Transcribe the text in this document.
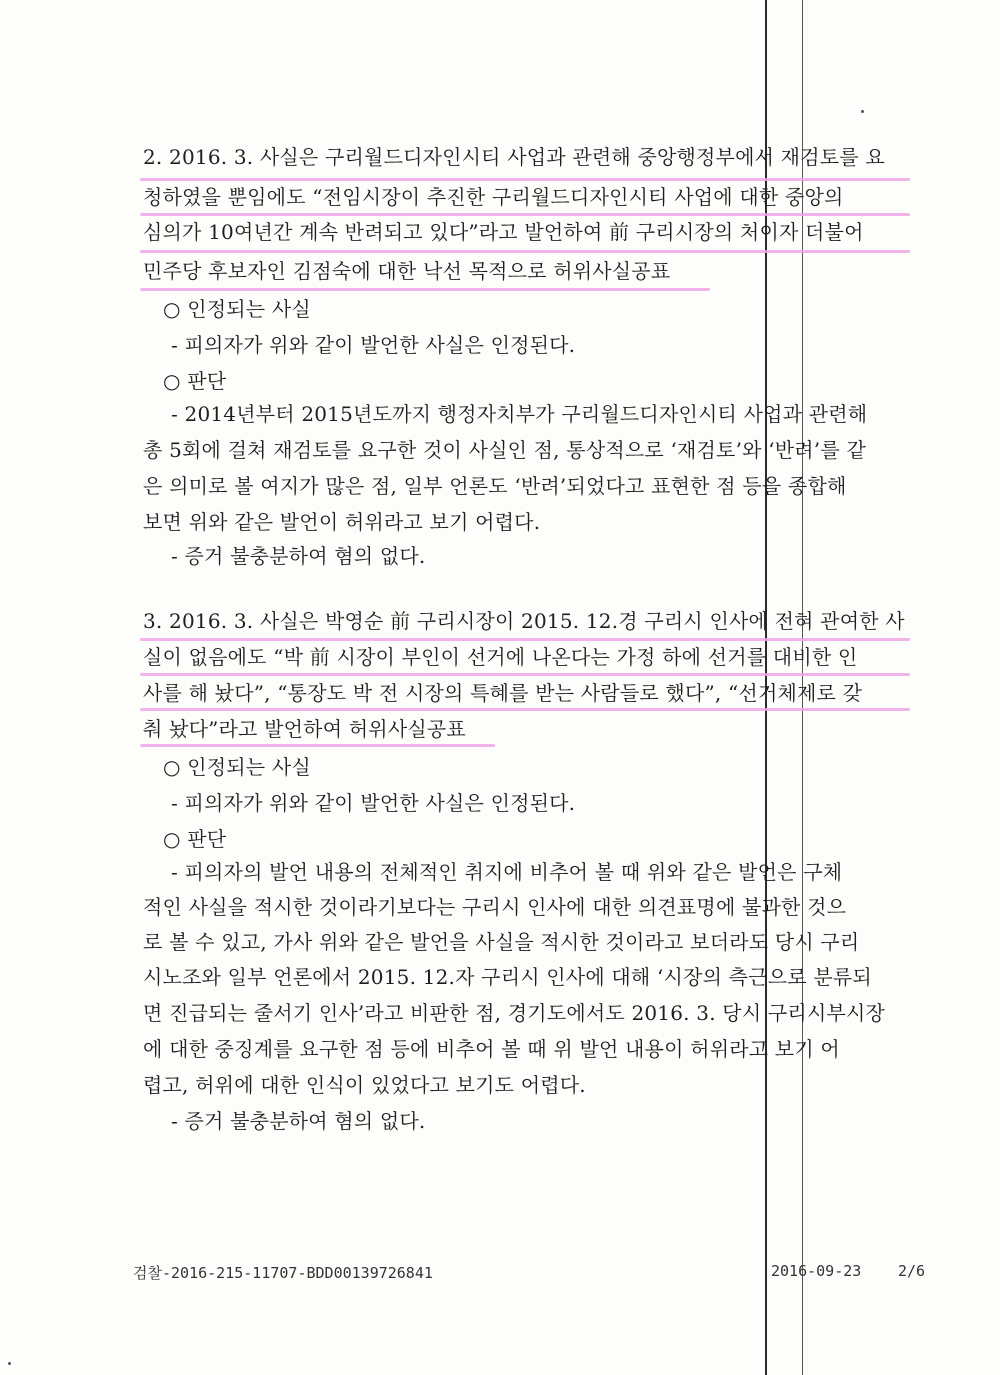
2. 2016. 3. 사실은 구리월드디자인시티 사업과 관련해 중앙행정부에서 재검토를 요
청하였을 뿐임에도 “전임시장이 추진한 구리월드디자인시티 사업에 대한 중앙의
심의가 10여년간 계속 반려되고 있다”라고 발언하여 前 구리시장의 처이자 더불어
민주당 후보자인 김점숙에 대한 낙선 목적으로 허위사실공표
○ 인정되는 사실
- 피의자가 위와 같이 발언한 사실은 인정된다.
○ 판단
- 2014년부터 2015년도까지 행정자치부가 구리월드디자인시티 사업과 관련해
총 5회에 걸쳐 재검토를 요구한 것이 사실인 점, 통상적으로 ‘재검토’와 ‘반려’를 같
은 의미로 볼 여지가 많은 점, 일부 언론도 ‘반려’되었다고 표현한 점 등을 종합해
보면 위와 같은 발언이 허위라고 보기 어렵다.
- 증거 불충분하여 혐의 없다.
3. 2016. 3. 사실은 박영순 前 구리시장이 2015. 12.경 구리시 인사에 전혀 관여한 사
실이 없음에도 “박 前 시장이 부인이 선거에 나온다는 가정 하에 선거를 대비한 인
사를 해 놨다”, “통장도 박 전 시장의 특혜를 받는 사람들로 했다”, “선거체제로 갖
춰 놨다”라고 발언하여 허위사실공표
○ 인정되는 사실
- 피의자가 위와 같이 발언한 사실은 인정된다.
○ 판단
- 피의자의 발언 내용의 전체적인 취지에 비추어 볼 때 위와 같은 발언은 구체
적인 사실을 적시한 것이라기보다는 구리시 인사에 대한 의견표명에 불과한 것으
로 볼 수 있고, 가사 위와 같은 발언을 사실을 적시한 것이라고 보더라도 당시 구리
시노조와 일부 언론에서 2015. 12.자 구리시 인사에 대해 ‘시장의 측근으로 분류되
면 진급되는 줄서기 인사’라고 비판한 점, 경기도에서도 2016. 3. 당시 구리시부시장
에 대한 중징계를 요구한 점 등에 비추어 볼 때 위 발언 내용이 허위라고 보기 어
렵고, 허위에 대한 인식이 있었다고 보기도 어렵다.
- 증거 불충분하여 혐의 없다.
검찰-2016-215-11707-BDD00139726841	2016-09-23 2/6
